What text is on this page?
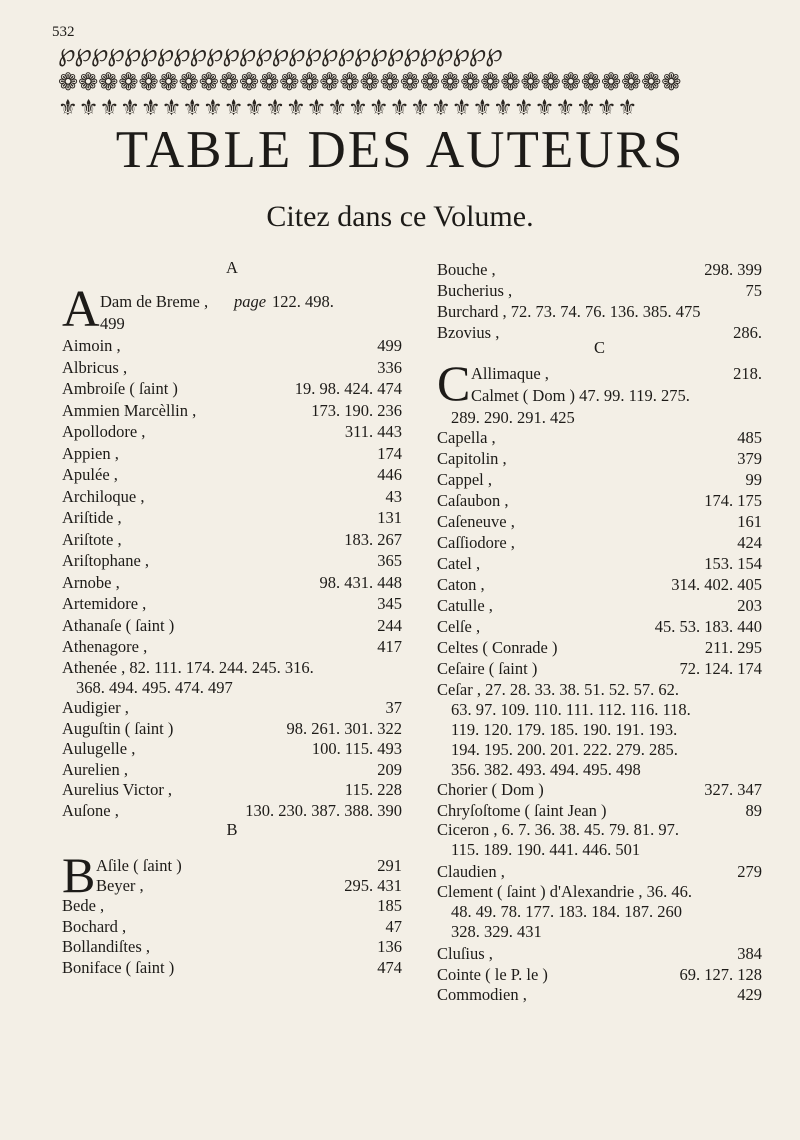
532
℘℘℘℘℘℘℘℘℘℘℘℘℘℘℘℘℘℘℘℘℘℘℘℘℘℘℘
❁❁❁❁❁❁❁❁❁❁❁❁❁❁❁❁❁❁❁❁❁❁❁❁❁❁❁❁❁❁❁
⚜⚜⚜⚜⚜⚜⚜⚜⚜⚜⚜⚜⚜⚜⚜⚜⚜⚜⚜⚜⚜⚜⚜⚜⚜⚜⚜⚜
TABLE DES AUTEURS

Citez dans ce Volume.

A
A Dam de Breme , page 122. 498.
499
Aimoin ,	499
Albricus ,	336
Ambroiſe ( ſaint )	19. 98. 424. 474
Ammien Marcèllin ,	173. 190. 236
Apollodore ,	311. 443
Appien ,	174
Apulée ,	446
Archiloque ,	43
Ariſtide ,	131
Ariſtote ,	183. 267
Ariſtophane ,	365
Arnobe ,	98. 431. 448
Artemidore ,	345
Athanaſe ( ſaint )	244
Athenagore ,	417
Athenée , 82. 111. 174. 244. 245. 316.
368. 494. 495. 474. 497
Audigier ,	37
Auguſtin ( ſaint )	98. 261. 301. 322
Aulugelle ,	100. 115. 493
Aurelien ,	209
Aurelius Victor ,	115. 228
Auſone ,	130. 230. 387. 388. 390
B
B Aſile ( ſaint )	291
Beyer ,	295. 431
Bede ,	185
Bochard ,	47
Bollandiſtes ,	136
Boniface ( ſaint )	474
Bouche ,	298. 399
Bucherius ,	75
Burchard , 72. 73. 74. 76. 136. 385. 475
Bzovius ,	286.
C
C Allimaque ,	218.
Calmet ( Dom ) 47. 99. 119. 275.
289. 290. 291. 425
Capella ,	485
Capitolin ,	379
Cappel ,	99
Caſaubon ,	174. 175
Caſeneuve ,	161
Caſſiodore ,	424
Catel ,	153. 154
Caton ,	314. 402. 405
Catulle ,	203
Celſe ,	45. 53. 183. 440
Celtes ( Conrade )	211. 295
Ceſaire ( ſaint )	72. 124. 174
Ceſar , 27. 28. 33. 38. 51. 52. 57. 62.
63. 97. 109. 110. 111. 112. 116. 118.
119. 120. 179. 185. 190. 191. 193.
194. 195. 200. 201. 222. 279. 285.
356. 382. 493. 494. 495. 498
Chorier ( Dom )	327. 347
Chryſoſtome ( ſaint Jean )	89
Ciceron , 6. 7. 36. 38. 45. 79. 81. 97.
115. 189. 190. 441. 446. 501
Claudien ,	279
Clement ( ſaint ) d'Alexandrie , 36. 46.
48. 49. 78. 177. 183. 184. 187. 260
328. 329. 431
Cluſius ,	384
Cointe ( le P. le )	69. 127. 128
Commodien ,	429
